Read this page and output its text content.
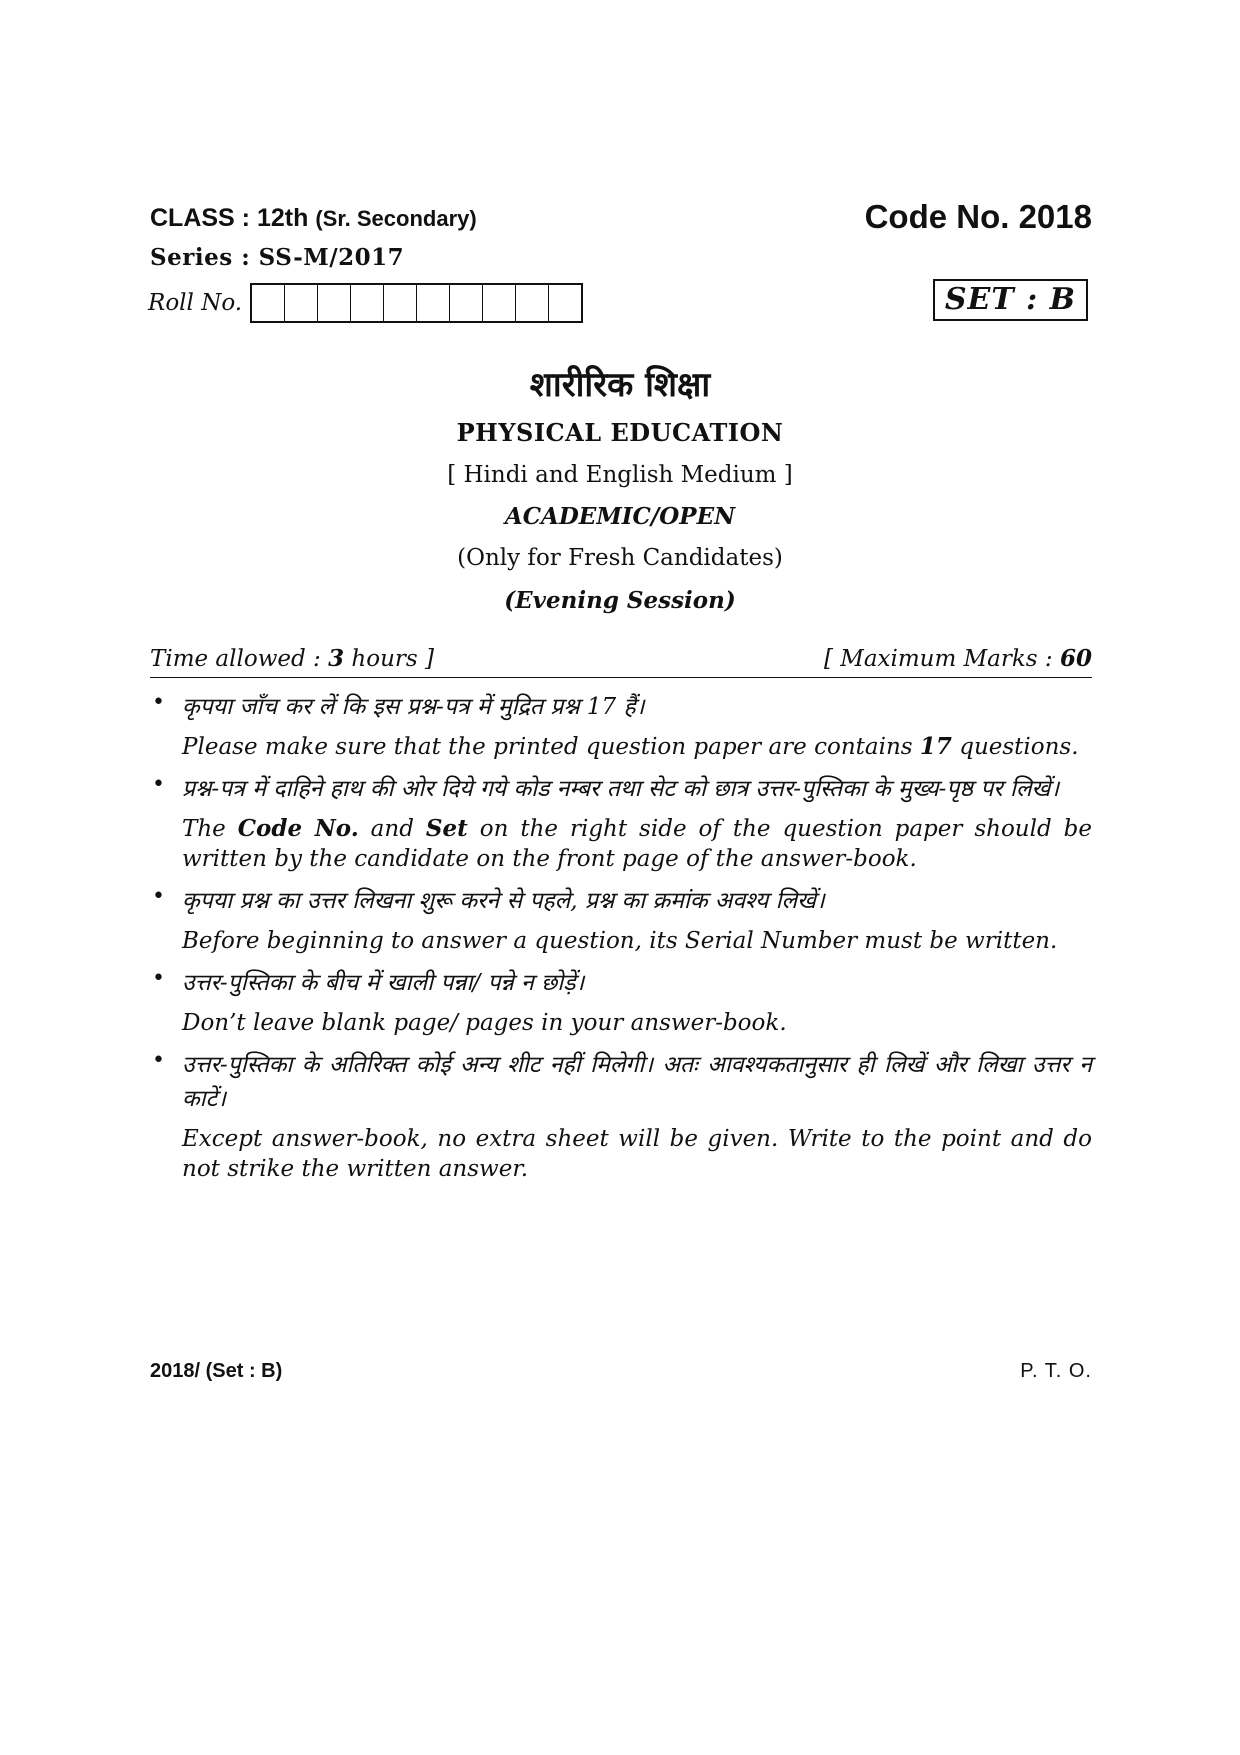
CLASS : 12th (Sr. Secondary)	Code No. 2018
Series : SS-M/2017
Roll No.	SET : B
शारीरिक शिक्षा
PHYSICAL EDUCATION
[ Hindi and English Medium ]
ACADEMIC/OPEN
(Only for Fresh Candidates)
(Evening Session)
Time allowed : 3 hours ]	[ Maximum Marks : 60
• कृपया जाँच कर लें कि इस प्रश्न-पत्र में मुद्रित प्रश्न 17 हैं।
Please make sure that the printed question paper are contains 17 questions.
• प्रश्न-पत्र में दाहिने हाथ की ओर दिये गये कोड नम्बर तथा सेट को छात्र उत्तर-पुस्तिका के मुख्य-पृष्ठ पर लिखें।
The Code No. and Set on the right side of the question paper should be written by the candidate on the front page of the answer-book.
• कृपया प्रश्न का उत्तर लिखना शुरू करने से पहले, प्रश्न का क्रमांक अवश्य लिखें।
Before beginning to answer a question, its Serial Number must be written.
• उत्तर-पुस्तिका के बीच में खाली पन्ना/ पन्ने न छोड़ें।
Don’t leave blank page/ pages in your answer-book.
• उत्तर-पुस्तिका के अतिरिक्त कोई अन्य शीट नहीं मिलेगी। अतः आवश्यकतानुसार ही लिखें और लिखा उत्तर न काटें।
Except answer-book, no extra sheet will be given. Write to the point and do not strike the written answer.
2018/ (Set : B)	P. T. O.
